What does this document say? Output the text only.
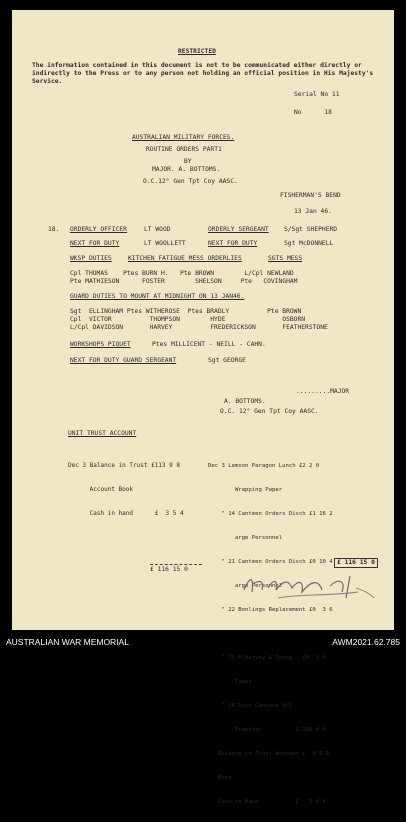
RESTRICTED
The information contained in this document is not to be communicated either directly or indirectly to the Press or to any person not holding an official position in His Majesty's Service.
Serial No 11
No      18
AUSTRALIAN MILITARY FORCES.
ROUTINE ORDERS PART1
BY
MAJOR. A. BOTTOMS.
O.C.12° Gen Tpt Coy AASC.
FISHERMAN'S BEND
13 Jan 46.
18. ORDERLY OFFICER	LT WOOD	ORDERLY SERGEANT S/Sgt SHEPHERD
NEXT FOR DUTY	LT WOOLLETT	NEXT FOR DUTY	Sgt McDONNELL
WKSP DUTIES	KITCHEN FATIGUE MESS ORDERLIES	SGTS MESS
Cpl THOMAS    Ptes BURN H.   Pte BROWN        L/Cpl NEWLAND
Pte MATHIESON      FOSTER        SHELSON     Pte   COVINGHAM
GUARD DUTIES TO MOUNT AT MIDNIGHT ON 13 JAN46.
Sgt  ELLINGHAM Ptes WITHEROSE  Ptes BRADLY          Pte BROWN
Cpl  VICTOR          THOMPSON        HYDE               OSBORN
L/Cpl DAVIDSON       HARVEY          FREDERICKSON       FEATHERSTONE
WORKSHOPS PIQUET	Ptes MILLICENT - NEILL - CAHN.
NEXT FOR DUTY GUARD SERGEANT	Sgt GEORGE
.........MAJOR
A. BOTTOMS.
O.C. 12° Gen Tpt Coy AASC.
UNIT TRUST ACCOUNT

Dec 3 Balance in Trust £113 9 8

Account Book

Cash in hand      £  3 5 4

Dec 3 Lemson Paragon Lunch £2 2 0

Wrapping Paper

" 14 Canteen Orders Disch £1 16 2

arge Personnel

" 21 Canteen Orders Disch £0 10 4

arge Personnel

" 22 Bonlings Replacement £0  3 6

" 31 H.Harvey & Icing   £0  5 0

Tubes

" 18 Unit Canteen A/C

Transfer          £ 100 0 0

Balance in Trust Account £  8 9 8

Book

Cash in Hand           £   3 8 4

£ 116 15 0
£ 116 15 0
AUSTRALIAN WAR MEMORIAL	AWM2021.62.785
